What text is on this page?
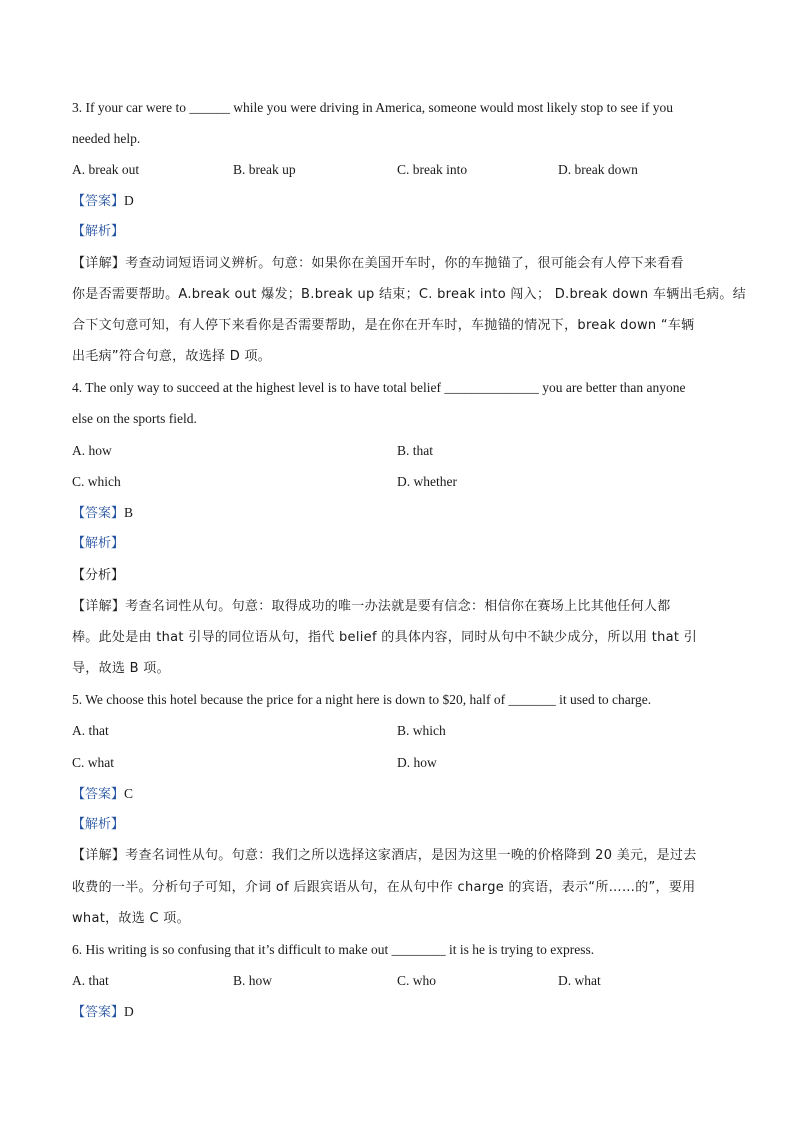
3. If your car were to ______ while you were driving in America, someone would most likely stop to see if you
needed help.
A. break out	B. break up	C. break into	D. break down
【答案】D
【解析】
【详解】考查动词短语词义辨析。句意：如果你在美国开车时，你的车抛锚了，很可能会有人停下来看看
你是否需要帮助。A.break out 爆发；B.break up 结束；C. break into 闯入； D.break down 车辆出毛病。结
合下文句意可知，有人停下来看你是否需要帮助，是在你在开车时，车抛锚的情况下，break down “车辆
出毛病”符合句意，故选择 D 项。
4. The only way to succeed at the highest level is to have total belief ______________ you are better than anyone
else on the sports field.
A. how	B. that
C. which	D. whether
【答案】B
【解析】
【分析】
【详解】考查名词性从句。句意：取得成功的唯一办法就是要有信念：相信你在赛场上比其他任何人都
棒。此处是由 that 引导的同位语从句，指代 belief 的具体内容，同时从句中不缺少成分，所以用 that 引
导，故选 B 项。
5. We choose this hotel because the price for a night here is down to $20, half of _______ it used to charge.
A. that	B. which
C. what	D. how
【答案】C
【解析】
【详解】考查名词性从句。句意：我们之所以选择这家酒店，是因为这里一晚的价格降到 20 美元，是过去
收费的一半。分析句子可知，介词 of 后跟宾语从句，在从句中作 charge 的宾语，表示“所……的”，要用
what，故选 C 项。
6. His writing is so confusing that it’s difficult to make out ________ it is he is trying to express.
A. that	B. how	C. who	D. what
【答案】D
